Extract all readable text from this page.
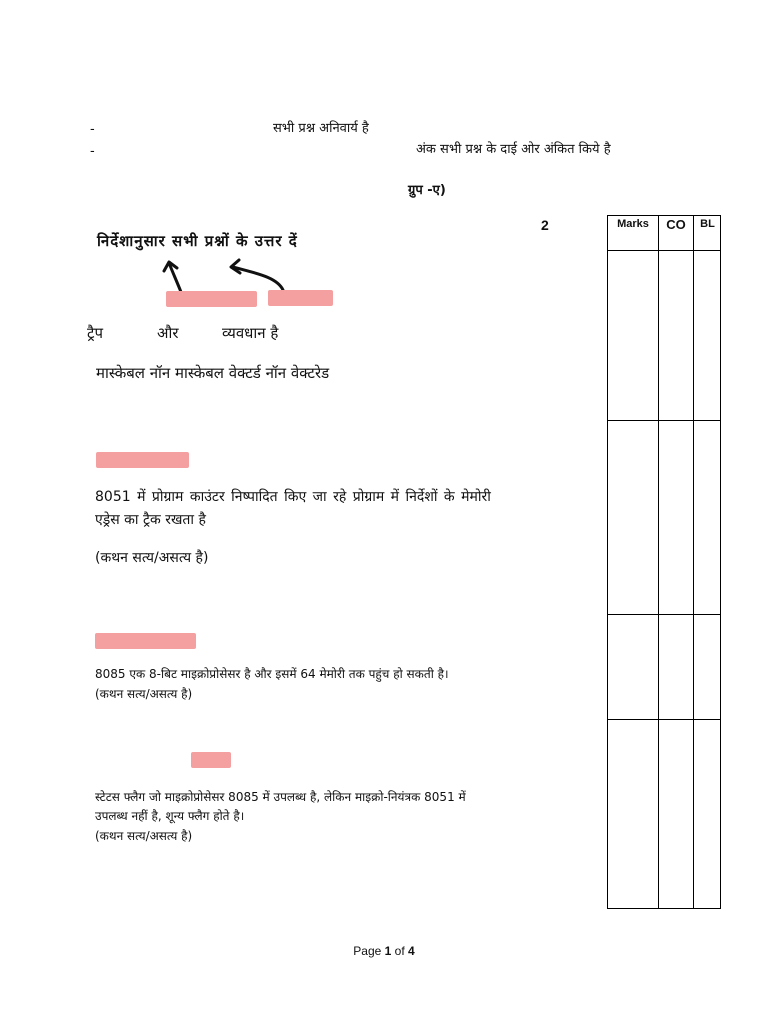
-	सभी प्रश्न अनिवार्य है
-	अंक सभी प्रश्न के दाई ओर अंकित किये है
ग्रुप -ए)
2	Marks	CO	BL
निर्देशानुसार सभी प्रश्नों के उत्तर दें
ट्रैप	और	व्यवधान है
मास्केबल नॉन मास्केबल वेक्टर्ड नॉन वेक्टरेड
8051 में प्रोग्राम काउंटर निष्पादित किए जा रहे प्रोग्राम में निर्देशों के मेमोरी
एड्रेस का ट्रैक रखता है
(कथन सत्य/असत्य है)
8085 एक 8-बिट माइक्रोप्रोसेसर है और इसमें 64 मेमोरी तक पहुंच हो सकती है।
(कथन सत्य/असत्य है)
स्टेटस फ्लैग जो माइक्रोप्रोसेसर 8085 में उपलब्ध है, लेकिन माइक्रो-नियंत्रक 8051 में
उपलब्ध नहीं है, शून्य फ्लैग होते है।
(कथन सत्य/असत्य है)
Page 1 of 4
